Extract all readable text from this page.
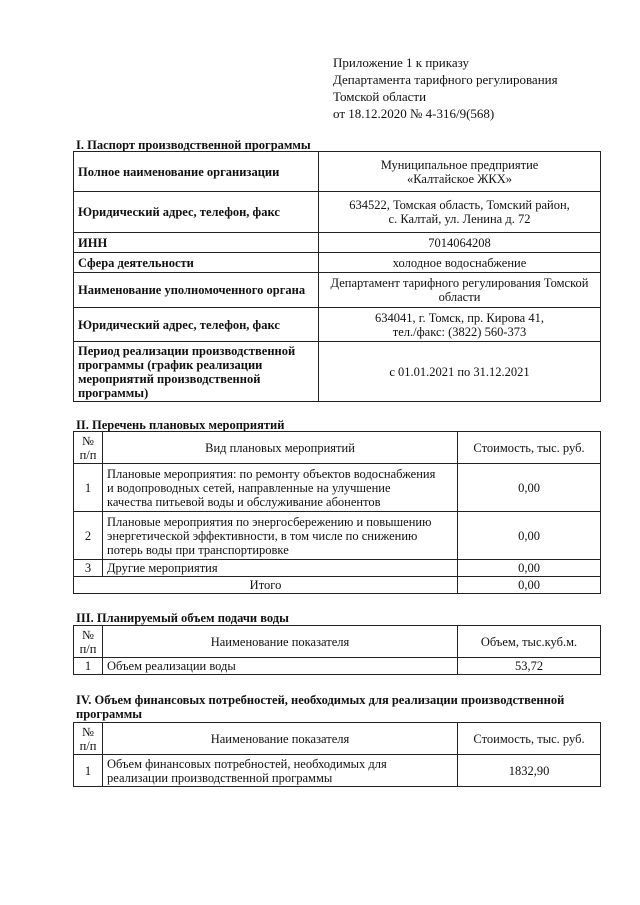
Приложение 1 к приказу
Департамента тарифного регулирования
Томской области
от 18.12.2020 № 4-316/9(568)
I. Паспорт производственной программы
Полное наименование организации	Муниципальное предприятие
«Калтайское ЖКХ»

Юридический адрес, телефон, факс	634522, Томская область, Томский район,
с. Калтай, ул. Ленина д. 72

ИНН	7014064208
Сфера деятельности	холодное водоснабжение
Наименование уполномоченного органа	Департамент тарифного регулирования Томской
области

Юридический адрес, телефон, факс	634041, г. Томск, пр. Кирова 41,
тел./факс: (3822) 560-373

Период реализации производственной
программы (график реализации
мероприятий производственной
программы)	с 01.01.2021 по 31.12.2021
II. Перечень плановых мероприятий
№
п/п	Вид плановых мероприятий	Стоимость, тыс. руб.
1	Плановые мероприятия: по ремонту объектов водоснабжения
и водопроводных сетей, направленные на улучшение
качества питьевой воды и обслуживание абонентов	0,00
2	Плановые мероприятия по энергосбережению и повышению
энергетической эффективности, в том числе по снижению
потерь воды при транспортировке	0,00
3	Другие мероприятия	0,00
Итого		0,00
III. Планируемый объем подачи воды
№
п/п	Наименование показателя	Объем, тыс.куб.м.
1	Объем реализации воды	53,72
IV. Объем финансовых потребностей, необходимых для реализации производственной
программы
№
п/п	Наименование показателя	Стоимость, тыс. руб.
1	Объем финансовых потребностей, необходимых для
реализации производственной программы	1832,90
